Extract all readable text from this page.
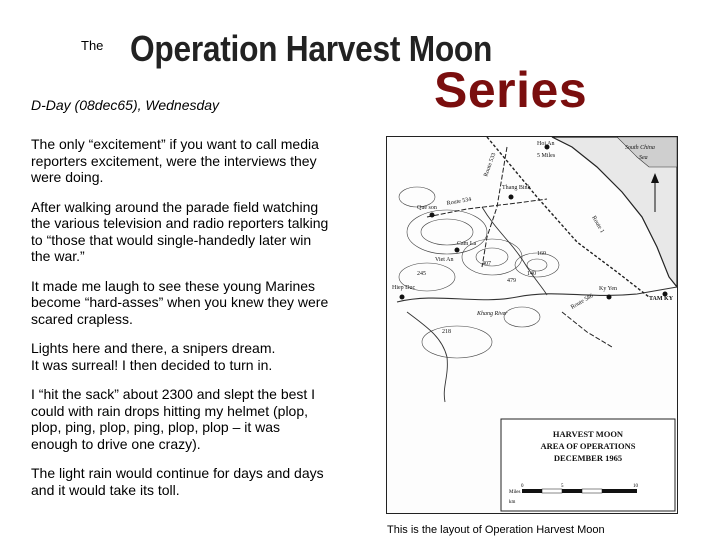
The Operation Harvest Moon
Series
D-Day (08dec65), Wednesday

The only “excitement” if you want to call media
reporters excitement, were the interviews they
were doing.

After walking around the parade field watching
the various television and radio reporters talking
to “those that would single-handedly later win
the war.”

It made me laugh to see these young Marines
become “hard-asses” when you knew they were
scared crapless.

Lights here and there, a snipers dream.
It was surreal! I then decided to turn in.

I “hit the sack” about 2300 and slept the best I
could with rain drops hitting my helmet (plop,
plop, ping, plop, ping, plop, plop – it was
enough to drive one crazy).

The light rain would continue for days and days
and it would take its toll.

Hoi An
5 Miles
South China
Sea
Que son
Thang Binh
Cam La
Viet An
Hiep Duc	Ky Yen
TAM KY
Route 1
Route 533
Route 534
Route 586
Khang River
245
407
140
479
160
218
HARVEST MOON
AREA OF OPERATIONS
DECEMBER 1965
Miles
km
0	5	10
This is the layout of Operation Harvest Moon
